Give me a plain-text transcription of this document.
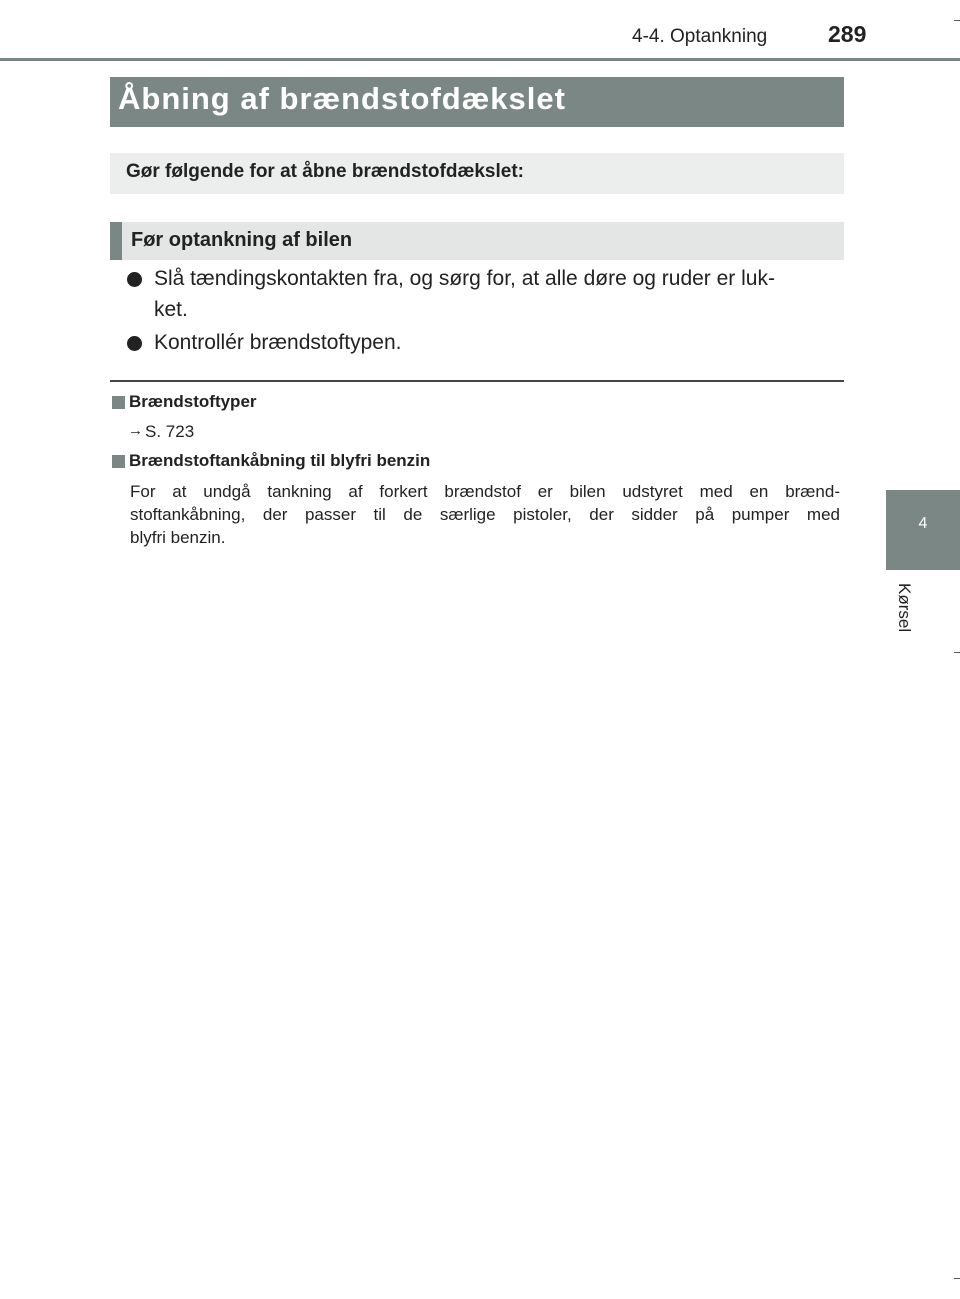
4-4. Optankning	289
4
Kørsel
Åbning af brændstofdækslet
Gør følgende for at åbne brændstofdækslet:
Før optankning af bilen
Slå tændingskontakten fra, og sørg for, at alle døre og ruder er luk-
ket.
Kontrollér brændstoftypen.
Brændstoftyper
→ S. 723
Brændstoftankåbning til blyfri benzin
For at undgå tankning af forkert brændstof er bilen udstyret med en brænd-
stoftankåbning, der passer til de særlige pistoler, der sidder på pumper med
blyfri benzin.
